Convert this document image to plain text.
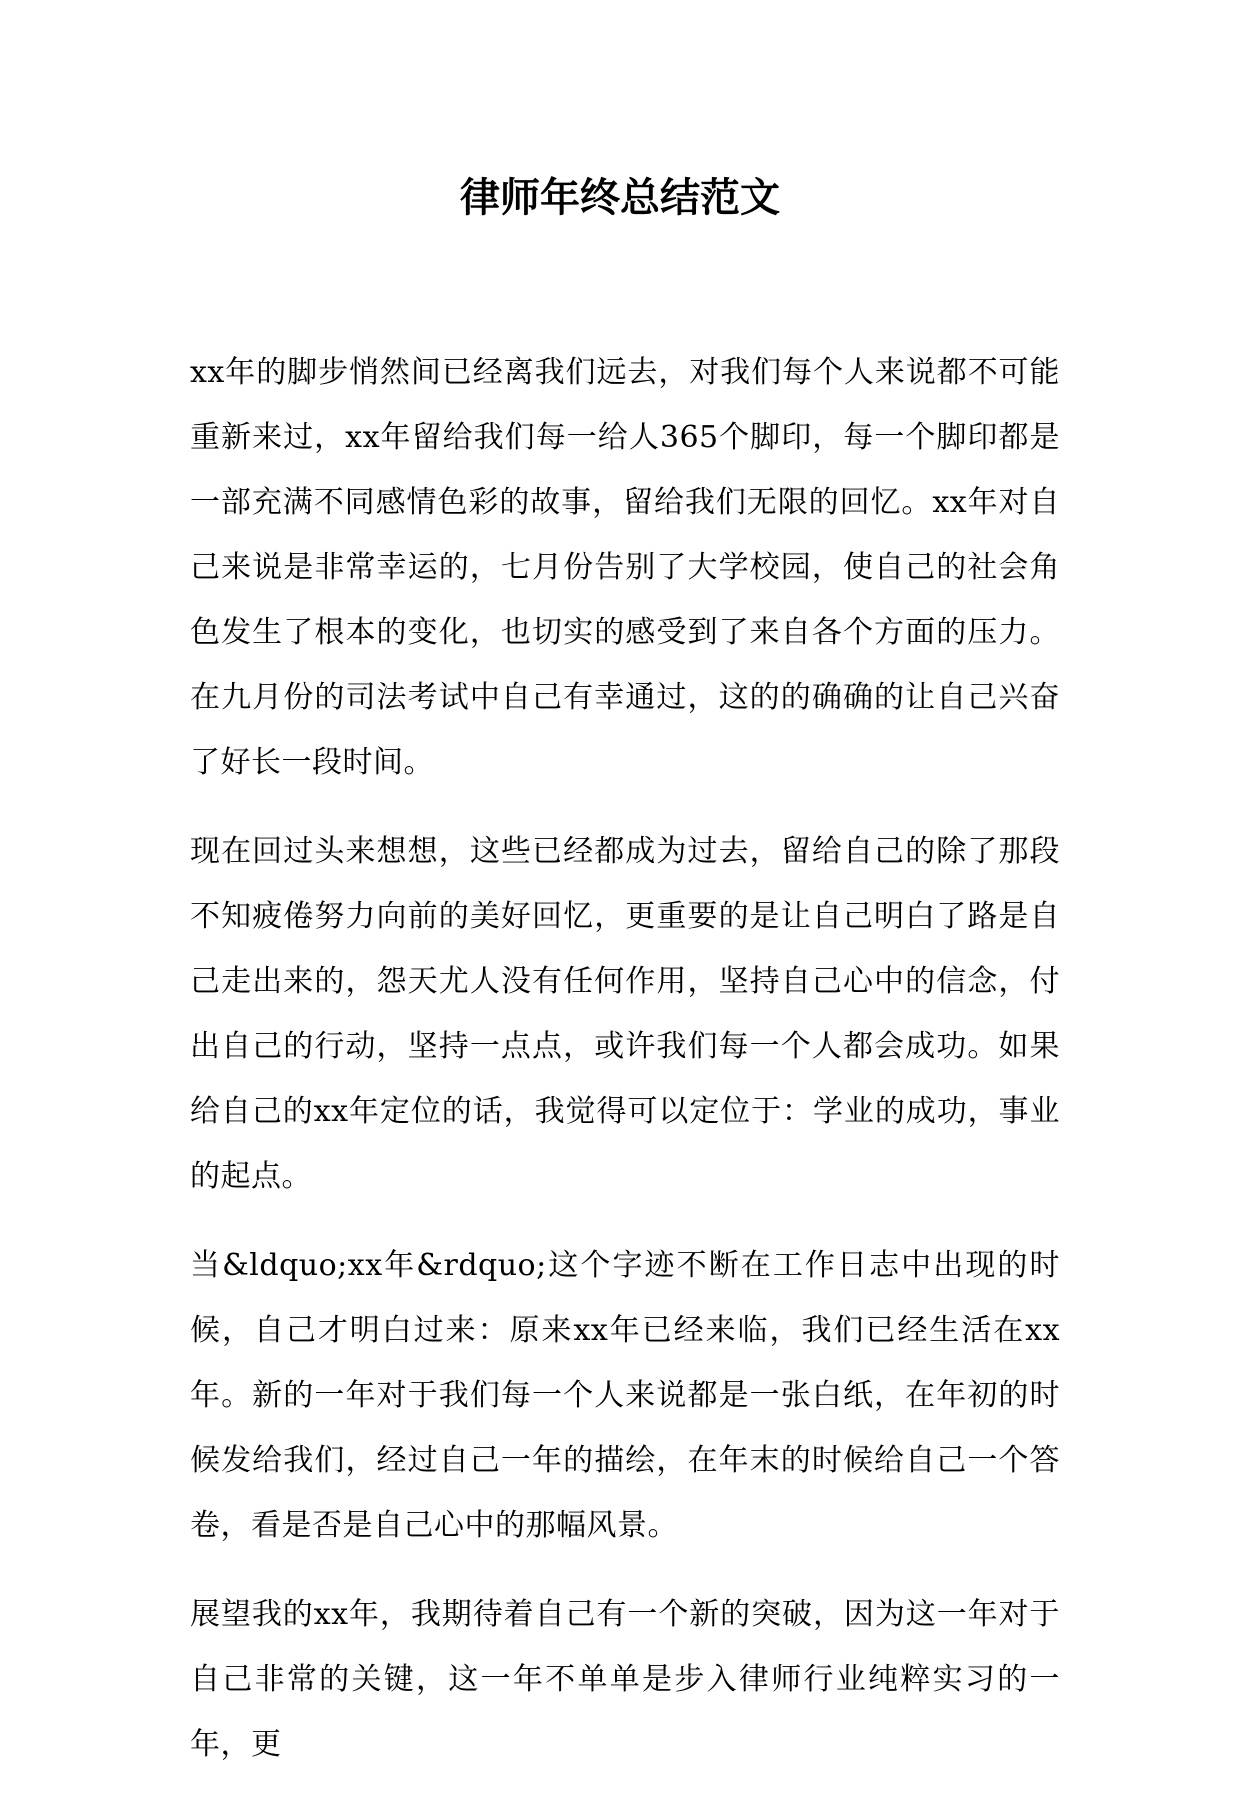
律师年终总结范文

xx年的脚步悄然间已经离我们远去，对我们每个人来说都不可能重新来过，xx年留给我们每一给人365个脚印，每一个脚印都是一部充满不同感情色彩的故事，留给我们无限的回忆。xx年对自己来说是非常幸运的，七月份告别了大学校园，使自己的社会角色发生了根本的变化，也切实的感受到了来自各个方面的压力。在九月份的司法考试中自己有幸通过，这的的确确的让自己兴奋了好长一段时间。

现在回过头来想想，这些已经都成为过去，留给自己的除了那段不知疲倦努力向前的美好回忆，更重要的是让自己明白了路是自己走出来的，怨天尤人没有任何作用，坚持自己心中的信念，付出自己的行动，坚持一点点，或许我们每一个人都会成功。如果给自己的xx年定位的话，我觉得可以定位于：学业的成功，事业的起点。

当&ldquo;xx年&rdquo;这个字迹不断在工作日志中出现的时候，自己才明白过来：原来xx年已经来临，我们已经生活在xx年。新的一年对于我们每一个人来说都是一张白纸，在年初的时候发给我们，经过自己一年的描绘，在年末的时候给自己一个答卷，看是否是自己心中的那幅风景。

展望我的xx年，我期待着自己有一个新的突破，因为这一年对于自己非常的关键，这一年不单单是步入律师行业纯粹实习的一年，更
